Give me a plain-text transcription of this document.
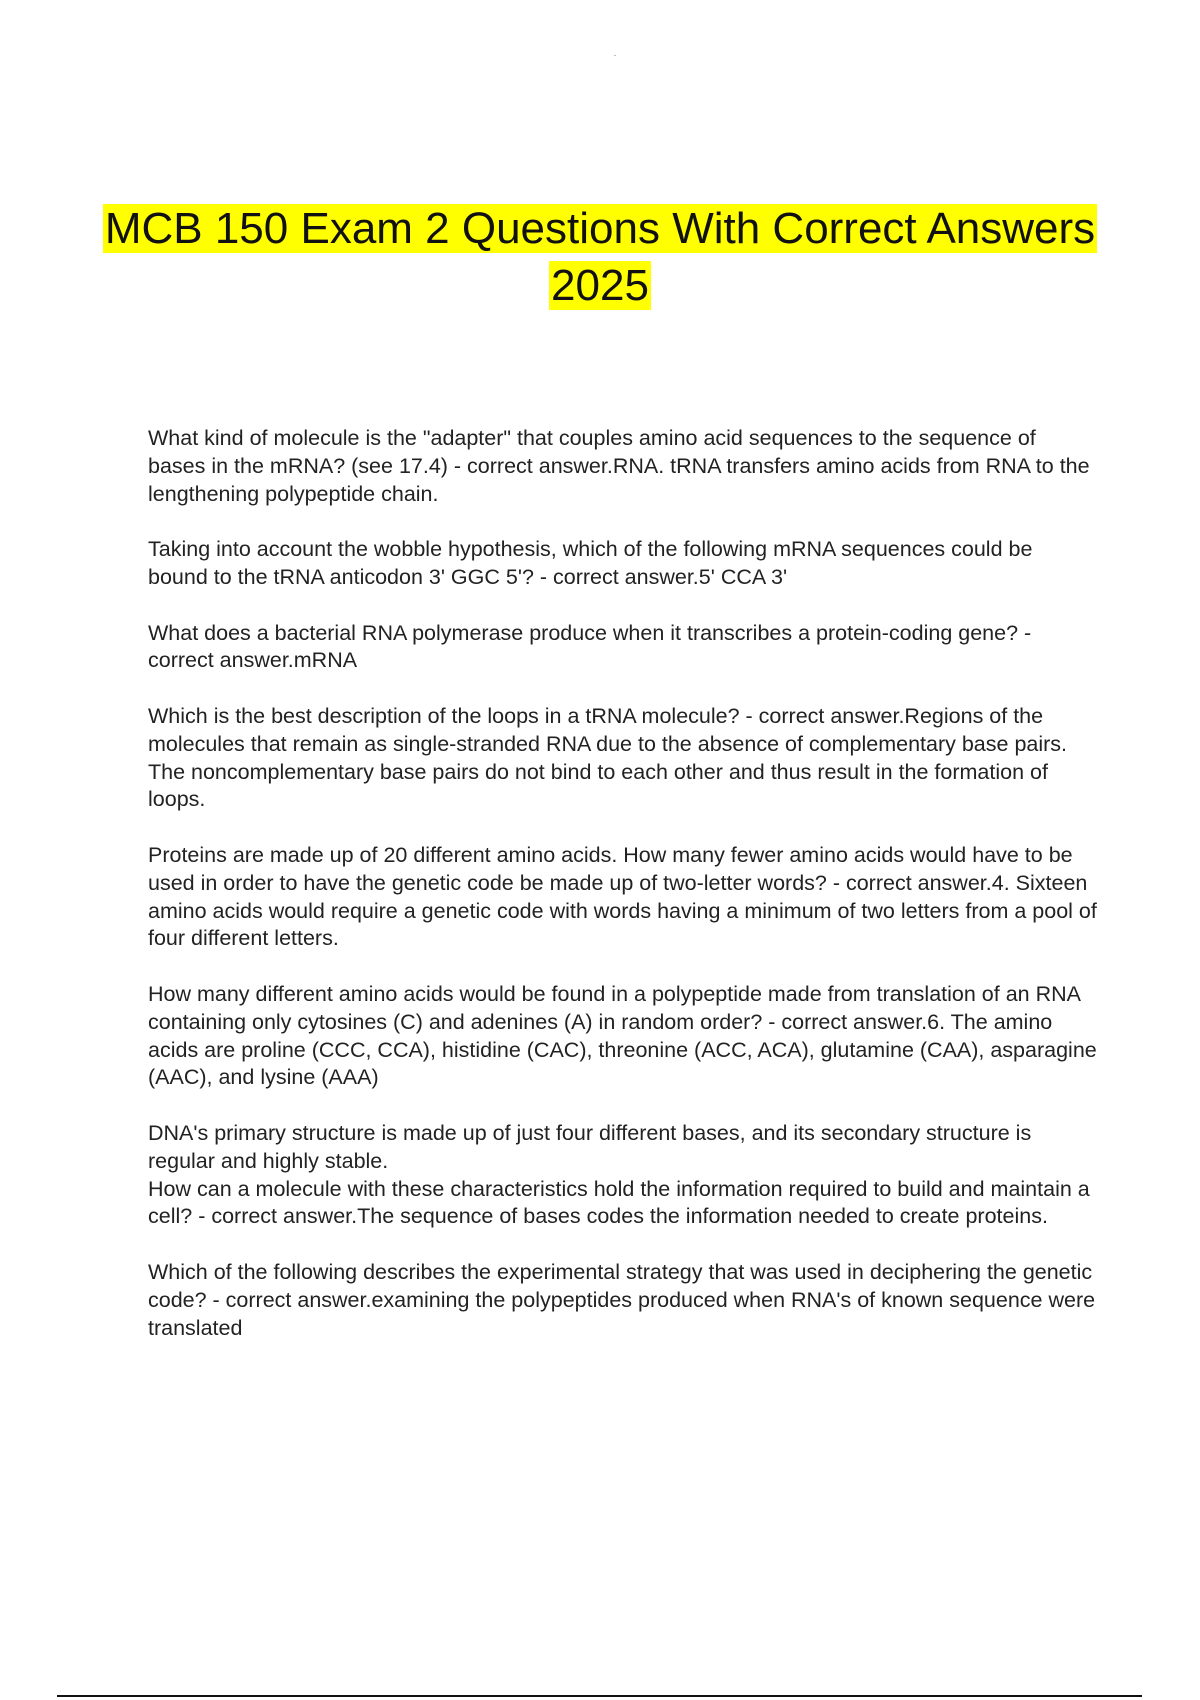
MCB 150 Exam 2 Questions With Correct Answers 2025

What kind of molecule is the "adapter" that couples amino acid sequences to the sequence of bases in the mRNA? (see 17.4) - correct answer.RNA. tRNA transfers amino acids from RNA to the lengthening polypeptide chain.

Taking into account the wobble hypothesis, which of the following mRNA sequences could be bound to the tRNA anticodon 3' GGC 5'? - correct answer.5' CCA 3'

What does a bacterial RNA polymerase produce when it transcribes a protein-coding gene? - correct answer.mRNA

Which is the best description of the loops in a tRNA molecule? - correct answer.Regions of the molecules that remain as single-stranded RNA due to the absence of complementary base pairs. The noncomplementary base pairs do not bind to each other and thus result in the formation of loops.

Proteins are made up of 20 different amino acids. How many fewer amino acids would have to be used in order to have the genetic code be made up of two-letter words? - correct answer.4. Sixteen amino acids would require a genetic code with words having a minimum of two letters from a pool of four different letters.

How many different amino acids would be found in a polypeptide made from translation of an RNA containing only cytosines (C) and adenines (A) in random order? - correct answer.6. The amino acids are proline (CCC, CCA), histidine (CAC), threonine (ACC, ACA), glutamine (CAA), asparagine (AAC), and lysine (AAA)

DNA's primary structure is made up of just four different bases, and its secondary structure is regular and highly stable.
How can a molecule with these characteristics hold the information required to build and maintain a cell? - correct answer.The sequence of bases codes the information needed to create proteins.

Which of the following describes the experimental strategy that was used in deciphering the genetic code? - correct answer.examining the polypeptides produced when RNA's of known sequence were translated
